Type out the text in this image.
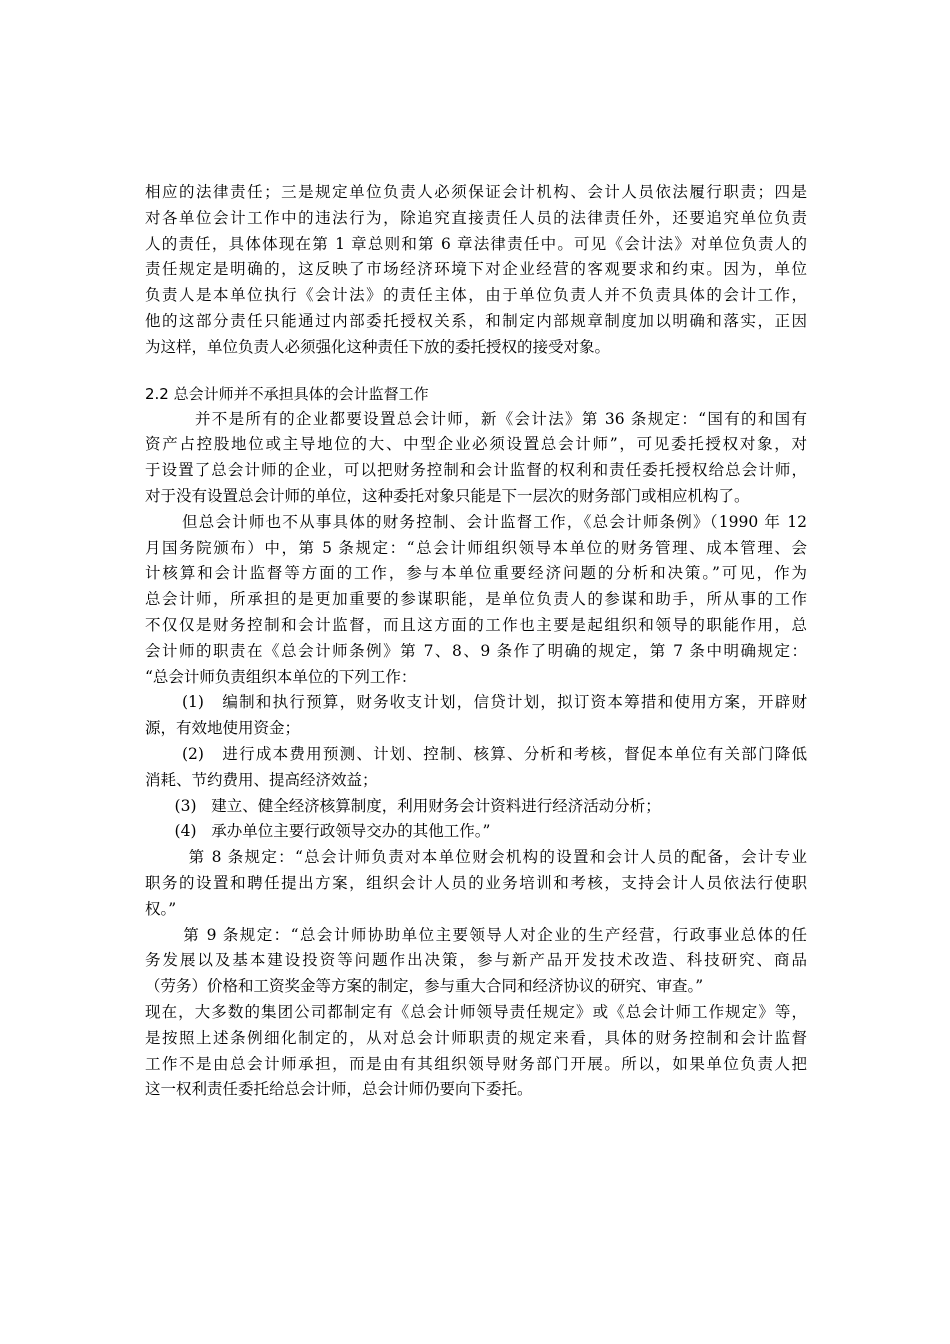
相应的法律责任；三是规定单位负责人必须保证会计机构、会计人员依法履行职责；四是
对各单位会计工作中的违法行为，除追究直接责任人员的法律责任外，还要追究单位负责
人的责任，具体体现在第 1 章总则和第 6 章法律责任中。可见《会计法》对单位负责人的
责任规定是明确的，这反映了市场经济环境下对企业经营的客观要求和约束。因为，单位
负责人是本单位执行《会计法》的责任主体，由于单位负责人并不负责具体的会计工作，
他的这部分责任只能通过内部委托授权关系，和制定内部规章制度加以明确和落实，正因
为这样，单位负责人必须强化这种责任下放的委托授权的接受对象。
2.2 总会计师并不承担具体的会计监督工作
并不是所有的企业都要设置总会计师，新《会计法》第 36 条规定：“国有的和国有
资产占控股地位或主导地位的大、中型企业必须设置总会计师”，可见委托授权对象，对
于设置了总会计师的企业，可以把财务控制和会计监督的权利和责任委托授权给总会计师，
对于没有设置总会计师的单位，这种委托对象只能是下一层次的财务部门或相应机构了。
但总会计师也不从事具体的财务控制、会计监督工作，《总会计师条例》（1990 年 12
月国务院颁布）中，第 5 条规定：“总会计师组织领导本单位的财务管理、成本管理、会
计核算和会计监督等方面的工作，参与本单位重要经济问题的分析和决策。”可见，作为
总会计师，所承担的是更加重要的参谋职能，是单位负责人的参谋和助手，所从事的工作
不仅仅是财务控制和会计监督，而且这方面的工作也主要是起组织和领导的职能作用，总
会计师的职责在《总会计师条例》第 7、8、9 条作了明确的规定，第 7 条中明确规定：
“总会计师负责组织本单位的下列工作：
(1)   编制和执行预算，财务收支计划，信贷计划，拟订资本筹措和使用方案，开辟财
源，有效地使用资金；
(2)   进行成本费用预测、计划、控制、核算、分析和考核，督促本单位有关部门降低
消耗、节约费用、提高经济效益；
(3)   建立、健全经济核算制度，利用财务会计资料进行经济活动分析；
(4)   承办单位主要行政领导交办的其他工作。”
第 8 条规定：“总会计师负责对本单位财会机构的设置和会计人员的配备，会计专业
职务的设置和聘任提出方案，组织会计人员的业务培训和考核，支持会计人员依法行使职
权。”
第 9 条规定：“总会计师协助单位主要领导人对企业的生产经营，行政事业总体的任
务发展以及基本建设投资等问题作出决策，参与新产品开发技术改造、科技研究、商品
（劳务）价格和工资奖金等方案的制定，参与重大合同和经济协议的研究、审查。”
现在，大多数的集团公司都制定有《总会计师领导责任规定》或《总会计师工作规定》等，
是按照上述条例细化制定的，从对总会计师职责的规定来看，具体的财务控制和会计监督
工作不是由总会计师承担，而是由有其组织领导财务部门开展。所以，如果单位负责人把
这一权利责任委托给总会计师，总会计师仍要向下委托。
